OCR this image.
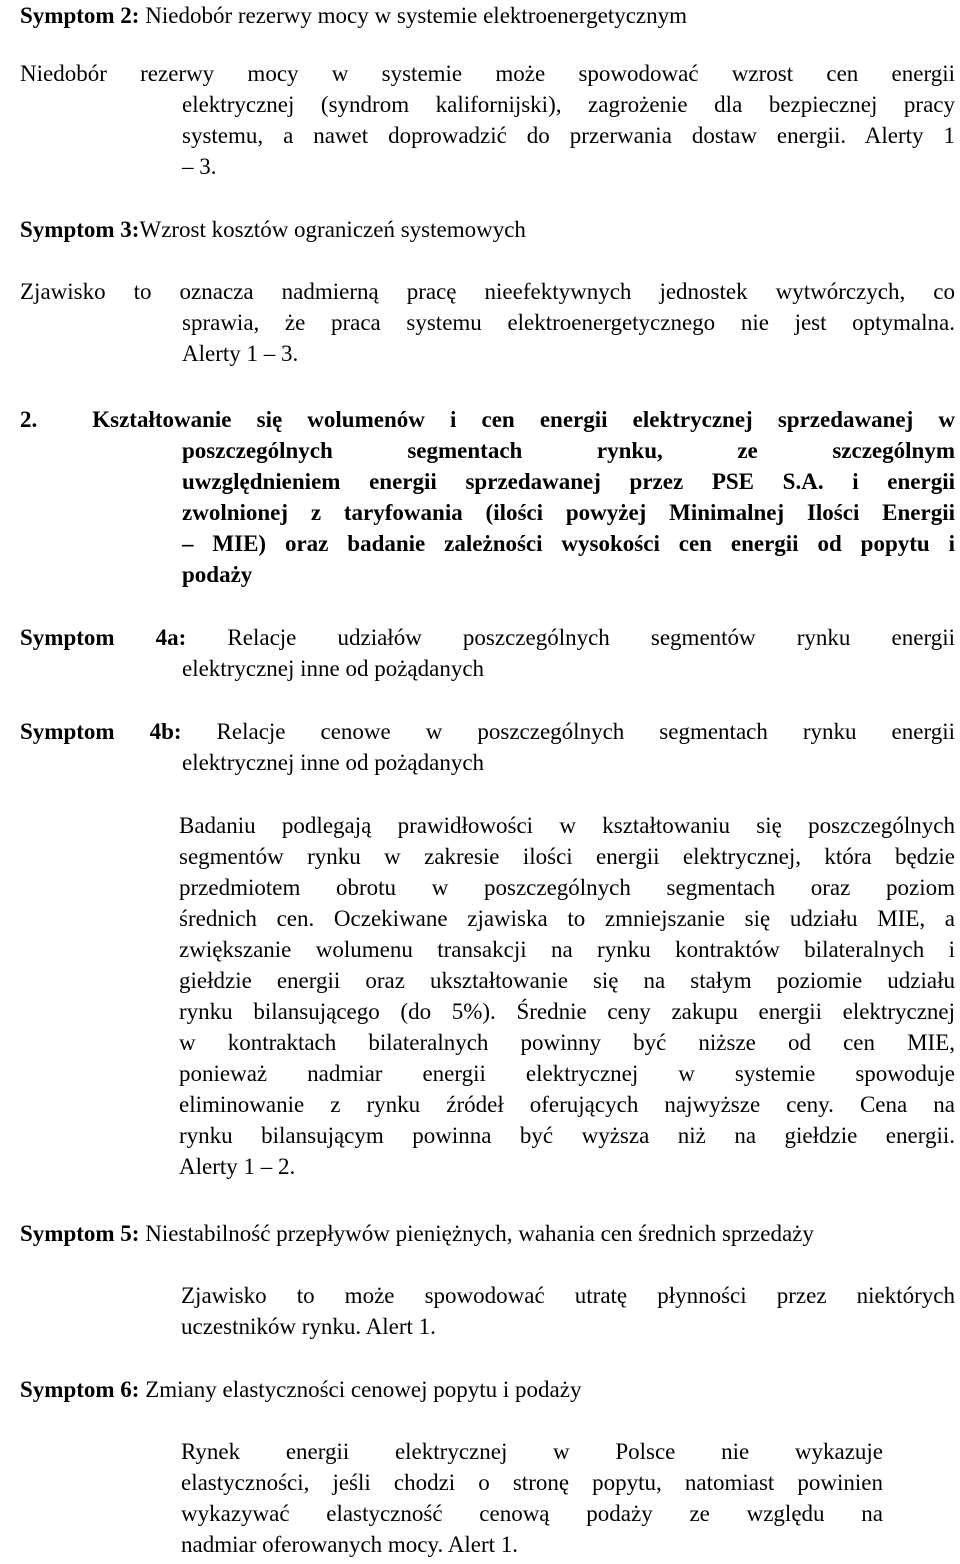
Symptom 2: Niedobór rezerwy mocy w systemie elektroenergetycznym

Niedobór rezerwy mocy w systemie może spowodować wzrost cen energii
elektrycznej (syndrom kalifornijski), zagrożenie dla bezpiecznej pracy
systemu, a nawet doprowadzić do przerwania dostaw energii. Alerty 1
– 3.

Symptom 3:Wzrost kosztów ograniczeń systemowych

Zjawisko to oznacza nadmierną pracę nieefektywnych jednostek wytwórczych, co
sprawia, że praca systemu elektroenergetycznego nie jest optymalna.
Alerty 1 – 3.
2. Kształtowanie się wolumenów i cen energii elektrycznej sprzedawanej w
poszczególnych segmentach rynku, ze szczególnym
uwzględnieniem energii sprzedawanej przez PSE S.A. i energii
zwolnionej z taryfowania (ilości powyżej Minimalnej Ilości Energii
– MIE) oraz badanie zależności wysokości cen energii od popytu i
podaży
Symptom 4a: Relacje udziałów poszczególnych segmentów rynku energii
elektrycznej inne od pożądanych
Symptom 4b: Relacje cenowe w poszczególnych segmentach rynku energii
elektrycznej inne od pożądanych
Badaniu podlegają prawidłowości w kształtowaniu się poszczególnych
segmentów rynku w zakresie ilości energii elektrycznej, która będzie
przedmiotem obrotu w poszczególnych segmentach oraz poziom
średnich cen. Oczekiwane zjawiska to zmniejszanie się udziału MIE, a
zwiększanie wolumenu transakcji na rynku kontraktów bilateralnych i
giełdzie energii oraz ukształtowanie się na stałym poziomie udziału
rynku bilansującego (do 5%). Średnie ceny zakupu energii elektrycznej
w kontraktach bilateralnych powinny być niższe od cen MIE,
ponieważ nadmiar energii elektrycznej w systemie spowoduje
eliminowanie z rynku źródeł oferujących najwyższe ceny. Cena na
rynku bilansującym powinna być wyższa niż na giełdzie energii.
Alerty 1 – 2.

Symptom 5: Niestabilność przepływów pieniężnych, wahania cen średnich sprzedaży

Zjawisko to może spowodować utratę płynności przez niektórych
uczestników rynku. Alert 1.

Symptom 6: Zmiany elastyczności cenowej popytu i podaży

Rynek energii elektrycznej w Polsce nie wykazuje
elastyczności, jeśli chodzi o stronę popytu, natomiast powinien
wykazywać elastyczność cenową podaży ze względu na
nadmiar oferowanych mocy. Alert 1.
